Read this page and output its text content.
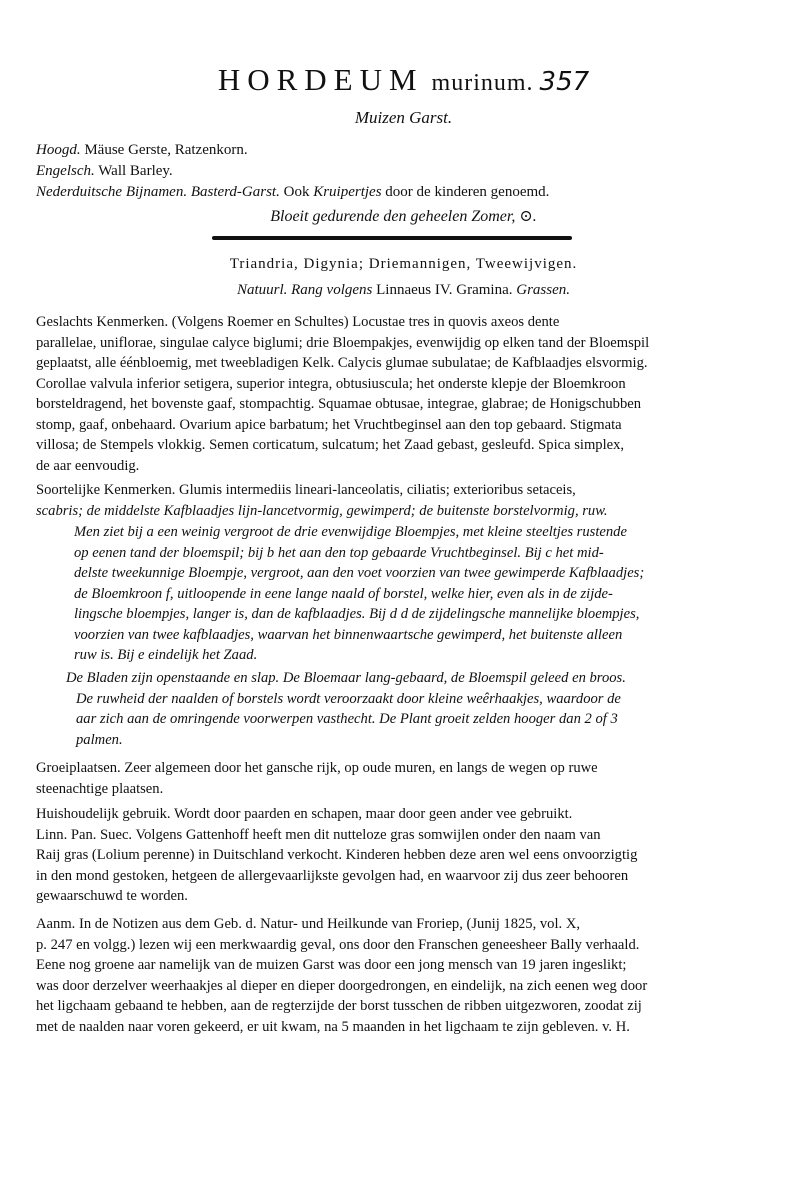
HORDEUM murinum. 357
Muizen Garst.
Hoogd. Mäuse Gerste, Ratzenkorn.
Engelsch. Wall Barley.
Nederduitsche Bijnamen. Basterd-Garst. Ook Kruipertjes door de kinderen genoemd.
Bloeit gedurende den geheelen Zomer, ⊙.
Triandria, Digynia; Driemannigen, Tweewijvigen.
Natuurl. Rang volgens Linnaeus IV. Gramina. Grassen.
Geslachts Kenmerken. (Volgens Roemer en Schultes) Locustae tres in quovis axeos dente
parallelae, uniflorae, singulae calyce biglumi; drie Bloempakjes, evenwijdig op elken tand der Bloemspil
geplaatst, alle éénbloemig, met tweebladigen Kelk. Calycis glumae subulatae; de Kafblaadjes elsvormig.
Corollae valvula inferior setigera, superior integra, obtusiuscula; het onderste klepje der Bloemkroon
borsteldragend, het bovenste gaaf, stompachtig. Squamae obtusae, integrae, glabrae; de Honigschubben
stomp, gaaf, onbehaard. Ovarium apice barbatum; het Vruchtbeginsel aan den top gebaard. Stigmata
villosa; de Stempels vlokkig. Semen corticatum, sulcatum; het Zaad gebast, gesleufd. Spica simplex,
de aar eenvoudig.
Soortelijke Kenmerken. Glumis intermediis lineari-lanceolatis, ciliatis; exterioribus setaceis,
scabris; de middelste Kafblaadjes lijn-lancetvormig, gewimperd; de buitenste borstelvormig, ruw.
Men ziet bij a een weinig vergroot de drie evenwijdige Bloempjes, met kleine steeltjes rustende
op eenen tand der bloemspil; bij b het aan den top gebaarde Vruchtbeginsel. Bij c het mid-
delste tweekunnige Bloempje, vergroot, aan den voet voorzien van twee gewimperde Kafblaadjes;
de Bloemkroon f, uitloopende in eene lange naald of borstel, welke hier, even als in de zijde-
lingsche bloempjes, langer is, dan de kafblaadjes. Bij d d de zijdelingsche mannelijke bloempjes,
voorzien van twee kafblaadjes, waarvan het binnenwaartsche gewimperd, het buitenste alleen
ruw is. Bij e eindelijk het Zaad.
De Bladen zijn openstaande en slap. De Bloemaar lang-gebaard, de Bloemspil geleed en broos.
De ruwheid der naalden of borstels wordt veroorzaakt door kleine weêrhaakjes, waardoor de
aar zich aan de omringende voorwerpen vasthecht. De Plant groeit zelden hooger dan 2 of 3
palmen.
Groeiplaatsen. Zeer algemeen door het gansche rijk, op oude muren, en langs de wegen op ruwe
steenachtige plaatsen.
Huishoudelijk gebruik. Wordt door paarden en schapen, maar door geen ander vee gebruikt.
Linn. Pan. Suec. Volgens Gattenhoff heeft men dit nutteloze gras somwijlen onder den naam van
Raij gras (Lolium perenne) in Duitschland verkocht. Kinderen hebben deze aren wel eens onvoorzigtig
in den mond gestoken, hetgeen de allergevaarlijkste gevolgen had, en waarvoor zij dus zeer behooren
gewaarschuwd te worden.
Aanm. In de Notizen aus dem Geb. d. Natur- und Heilkunde van Froriep, (Junij 1825, vol. X,
p. 247 en volgg.) lezen wij een merkwaardig geval, ons door den Franschen geneesheer Bally verhaald.
Eene nog groene aar namelijk van de muizen Garst was door een jong mensch van 19 jaren ingeslikt;
was door derzelver weerhaakjes al dieper en dieper doorgedrongen, en eindelijk, na zich eenen weg door
het ligchaam gebaand te hebben, aan de regterzijde der borst tusschen de ribben uitgezworen, zoodat zij
met de naalden naar voren gekeerd, er uit kwam, na 5 maanden in het ligchaam te zijn gebleven. v. H.
